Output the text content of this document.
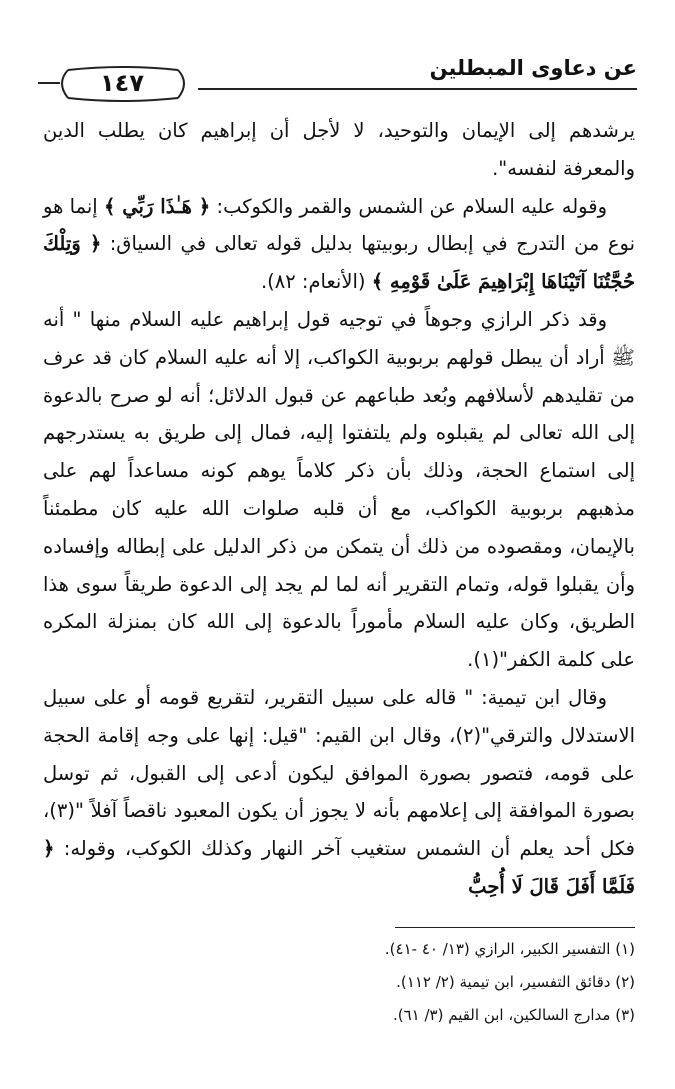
عن دعاوى المبطلين
١٤٧

يرشدهم إلى الإيمان والتوحيد، لا لأجل أن إبراهيم كان يطلب الدين والمعرفة لنفسه".

وقوله عليه السلام عن الشمس والقمر والكوكب: ﴿ هَـٰذَا رَبِّي ﴾ إنما هو نوع من التدرج في إبطال ربوبيتها بدليل قوله تعالى في السياق: ﴿ وَتِلْكَ حُجَّتُنَا آتَيْنَاهَا إِبْرَاهِيمَ عَلَىٰ قَوْمِهِ ﴾ (الأنعام: ٨٢).

وقد ذكر الرازي وجوهاً في توجيه قول إبراهيم عليه السلام منها " أنه ﷺ أراد أن يبطل قولهم بربوبية الكواكب، إلا أنه عليه السلام كان قد عرف من تقليدهم لأسلافهم وبُعد طباعهم عن قبول الدلائل؛ أنه لو صرح بالدعوة إلى الله تعالى لم يقبلوه ولم يلتفتوا إليه، فمال إلى طريق به يستدرجهم إلى استماع الحجة، وذلك بأن ذكر كلاماً يوهم كونه مساعداً لهم على مذهبهم بربوبية الكواكب، مع أن قلبه صلوات الله عليه كان مطمئناً بالإيمان، ومقصوده من ذلك أن يتمكن من ذكر الدليل على إبطاله وإفساده وأن يقبلوا قوله، وتمام التقرير أنه لما لم يجد إلى الدعوة طريقاً سوى هذا الطريق، وكان عليه السلام مأموراً بالدعوة إلى الله كان بمنزلة المكره على كلمة الكفر"(١).

وقال ابن تيمية: " قاله على سبيل التقرير، لتقريع قومه أو على سبيل الاستدلال والترقي"(٢)، وقال ابن القيم: "قيل: إنها على وجه إقامة الحجة على قومه، فتصور بصورة الموافق ليكون أدعى إلى القبول، ثم توسل بصورة الموافقة إلى إعلامهم بأنه لا يجوز أن يكون المعبود ناقصاً آفلاً "(٣)، فكل أحد يعلم أن الشمس ستغيب آخر النهار وكذلك الكوكب، وقوله: ﴿ فَلَمَّا أَفَلَ قَالَ لَا أُحِبُّ

(١) التفسير الكبير، الرازي (١٣/ ٤٠ -٤١).
(٢) دقائق التفسير، ابن تيمية (٢/ ١١٢).
(٣) مدارج السالكين، ابن القيم (٣/ ٦١).
